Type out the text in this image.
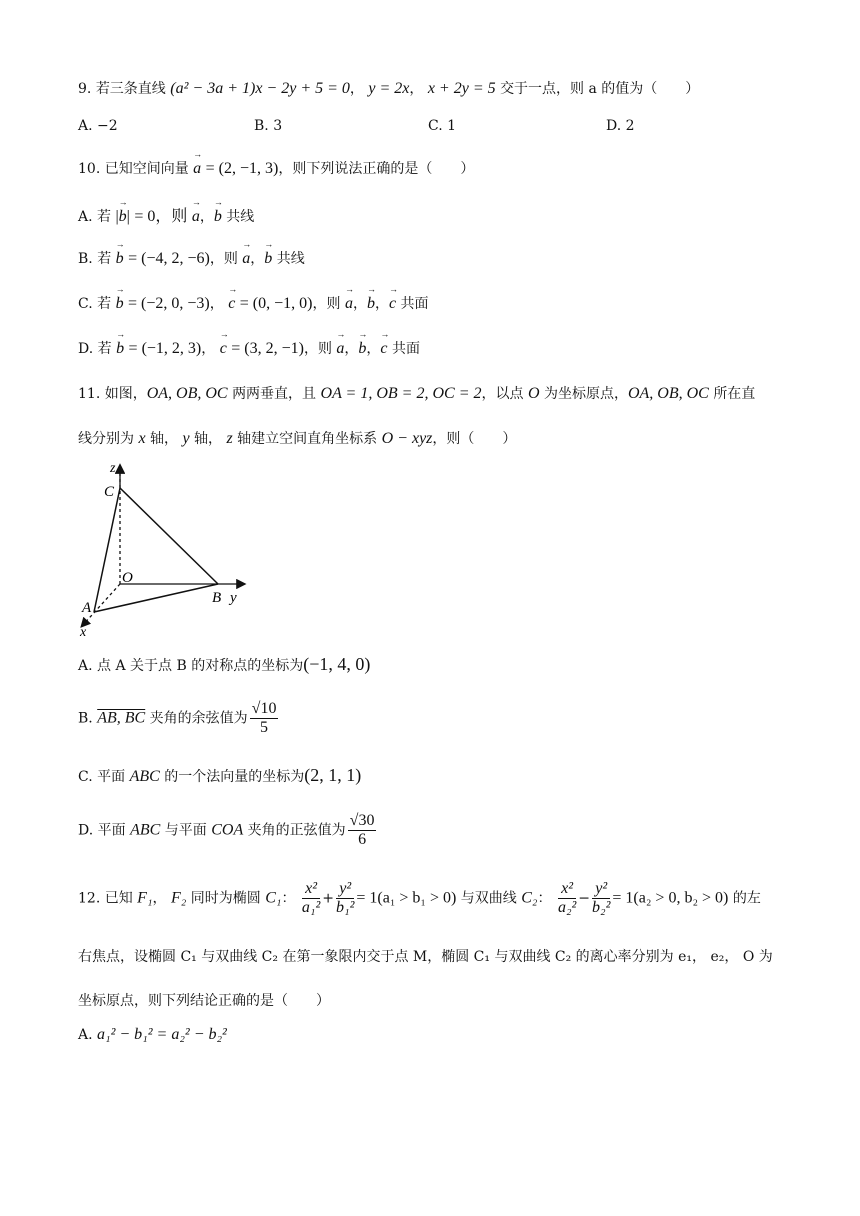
9. 若三条直线 (a² − 3a + 1)x − 2y + 5 = 0， y = 2x， x + 2y = 5 交于一点，则 a 的值为（　　）
A. −2	B. 3	C. 1	D. 2
10. 已知空间向量 → a = (2, −1, 3)，则下列说法正确的是（　　）
A. 若 |→ b| = 0，则 → a，→ b 共线
B. 若 → b = (−4, 2, −6)，则 → a，→ b 共线
C. 若 → b = (−2, 0, −3)， → c = (0, −1, 0)，则 → a，→ b，→ c 共面
D. 若 → b = (−1, 2, 3)， → c = (3, 2, −1)，则 → a，→ b，→ c 共面
11. 如图，OA, OB, OC 两两垂直，且 OA = 1, OB = 2, OC = 2，以点 O 为坐标原点，OA, OB, OC 所在直
线分别为 x 轴， y 轴， z 轴建立空间直角坐标系 O − xyz，则（　　）
z
C
O
A
B y
x
A. 点 A 关于点 B 的对称点的坐标为(−1, 4, 0)
B. AB, BC 夹角的余弦值为 $\frac{√10}{5}$
C. 平面 ABC 的一个法向量的坐标为(2, 1, 1)
D. 平面 ABC 与平面 COA 夹角的正弦值为 $\frac{√30}{6}$
12. 已知 F₁， F₂ 同时为椭圆 C₁： $\frac{\text{x²}}{\text{a₁²}} + \frac{\text{y²}}{\text{b₁²}} = 1(a_1 > b_1 > 0)$ 与双曲线 C₂： $\frac{\text{x²}}{\text{a₂²}} - \frac{\text{y²}}{\text{b₂²}} = 1(a_2 > 0$, b₂ > 0) 的左
右焦点，设椭圆 C₁ 与双曲线 C₂ 在第一象限内交于点 M，椭圆 C₁ 与双曲线 C₂ 的离心率分别为 e₁， e₂， O 为
坐标原点，则下列结论正确的是（　　）
A. a₁² − b₁² = a₂² − b₂²
